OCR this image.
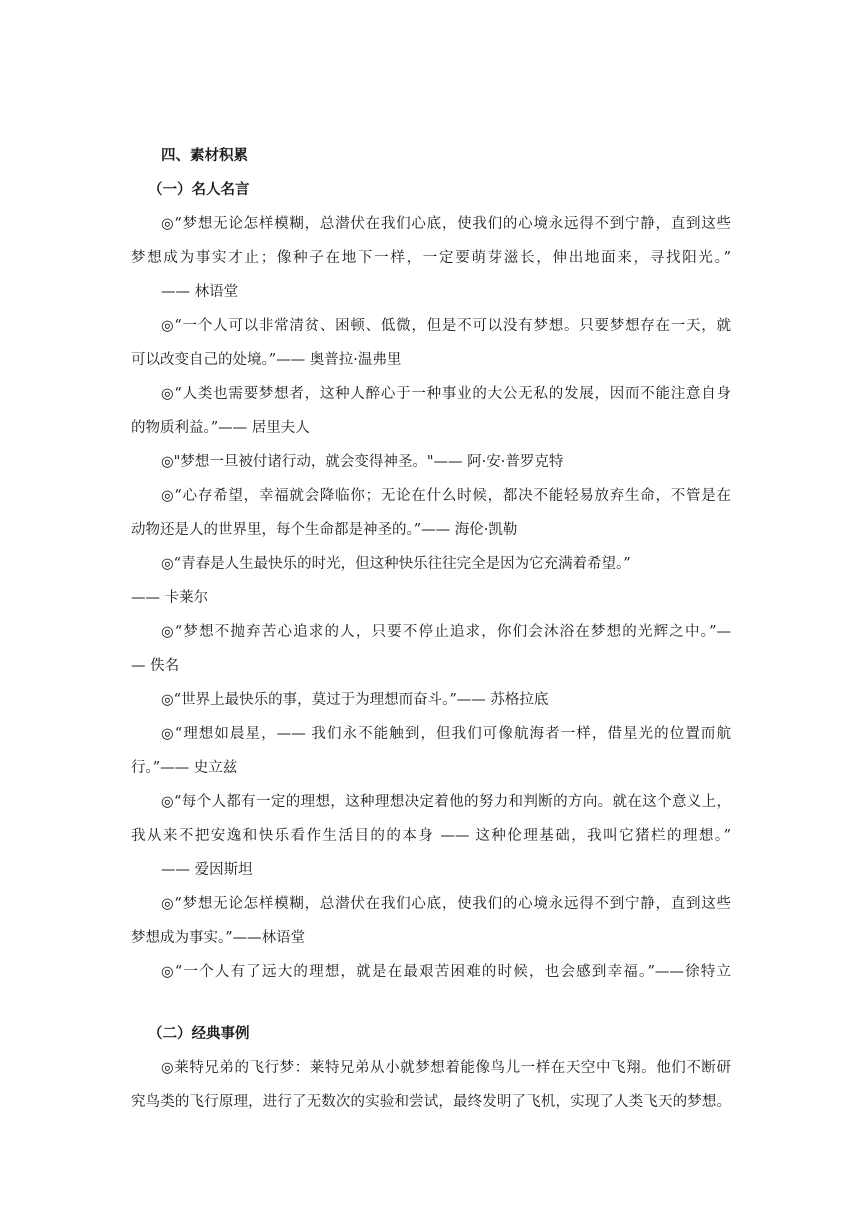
四、素材积累

（一）名人名言

◎“梦想无论怎样模糊，总潜伏在我们心底，使我们的心境永远得不到宁静，直到这些

梦想成为事实才止；像种子在地下一样，一定要萌芽滋长，伸出地面来，寻找阳光。”

—— 林语堂

◎“一个人可以非常清贫、困顿、低微，但是不可以没有梦想。只要梦想存在一天，就

可以改变自己的处境。”—— 奥普拉·温弗里

◎“人类也需要梦想者，这种人醉心于一种事业的大公无私的发展，因而不能注意自身

的物质利益。”—— 居里夫人

◎"梦想一旦被付诸行动，就会变得神圣。"—— 阿·安·普罗克特

◎“心存希望，幸福就会降临你；无论在什么时候，都决不能轻易放弃生命，不管是在

动物还是人的世界里，每个生命都是神圣的。”—— 海伦·凯勒

◎“青春是人生最快乐的时光，但这种快乐往往完全是因为它充满着希望。”

—— 卡莱尔

◎“梦想不抛弃苦心追求的人，只要不停止追求，你们会沐浴在梦想的光辉之中。”—

— 佚名

◎“世界上最快乐的事，莫过于为理想而奋斗。”—— 苏格拉底

◎“理想如晨星，—— 我们永不能触到，但我们可像航海者一样，借星光的位置而航

行。”—— 史立兹

◎“每个人都有一定的理想，这种理想决定着他的努力和判断的方向。就在这个意义上，

我从来不把安逸和快乐看作生活目的的本身 —— 这种伦理基础，我叫它猪栏的理想。”

—— 爱因斯坦

◎“梦想无论怎样模糊，总潜伏在我们心底，使我们的心境永远得不到宁静，直到这些

梦想成为事实。”——林语堂

◎“一个人有了远大的理想，就是在最艰苦困难的时候，也会感到幸福。”——徐特立

（二）经典事例

◎莱特兄弟的飞行梦：莱特兄弟从小就梦想着能像鸟儿一样在天空中飞翔。他们不断研

究鸟类的飞行原理，进行了无数次的实验和尝试，最终发明了飞机，实现了人类飞天的梦想。
